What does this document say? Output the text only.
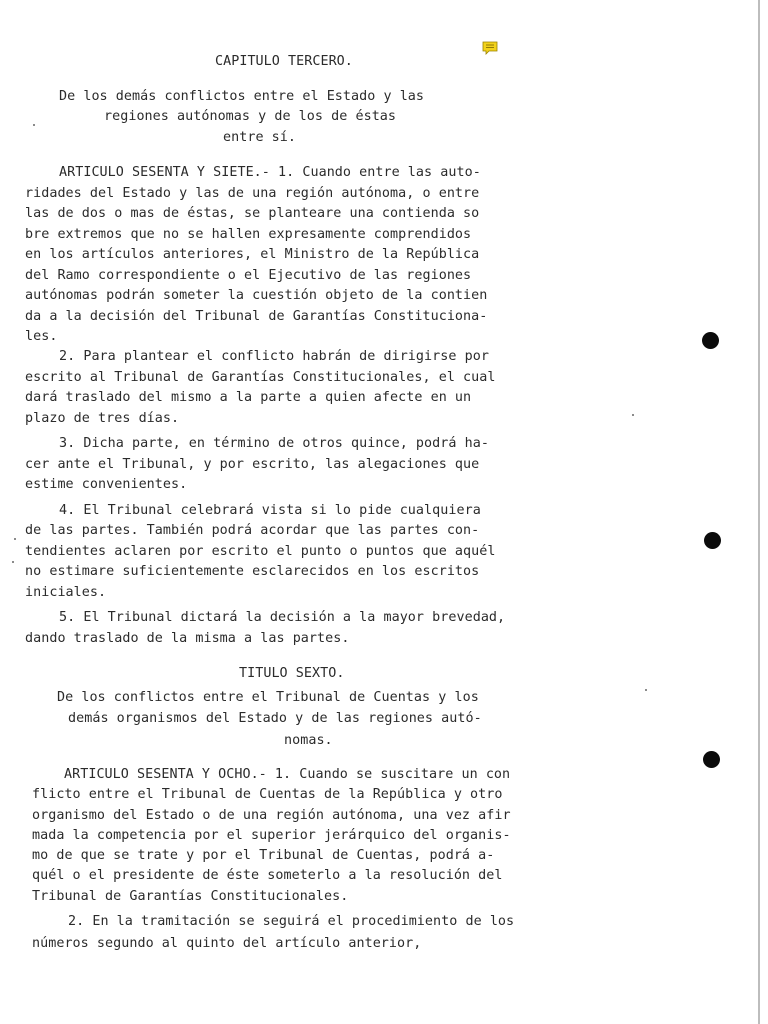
CAPITULO TERCERO.
De los demás conflictos entre el Estado y las
regiones autónomas y de los de éstas
entre sí.
ARTICULO SESENTA Y SIETE.- 1. Cuando entre las auto-
ridades del Estado y las de una región autónoma, o entre
las de dos o mas de éstas, se planteare una contienda so
bre extremos que no se hallen expresamente comprendidos
en los artículos anteriores, el Ministro de la República
del Ramo correspondiente o el Ejecutivo de las regiones
autónomas podrán someter la cuestión objeto de la contien
da a la decisión del Tribunal de Garantías Constituciona-
les.
2. Para plantear el conflicto habrán de dirigirse por
escrito al Tribunal de Garantías Constitucionales, el cual
dará traslado del mismo a la parte a quien afecte en un
plazo de tres días.
3. Dicha parte, en término de otros quince, podrá ha-
cer ante el Tribunal, y por escrito, las alegaciones que
estime convenientes.
4. El Tribunal celebrará vista si lo pide cualquiera
de las partes. También podrá acordar que las partes con-
tendientes aclaren por escrito el punto o puntos que aquél
no estimare suficientemente esclarecidos en los escritos
iniciales.
5. El Tribunal dictará la decisión a la mayor brevedad,
dando traslado de la misma a las partes.
TITULO SEXTO.
De los conflictos entre el Tribunal de Cuentas y los
demás organismos del Estado y de las regiones autó-
nomas.
ARTICULO SESENTA Y OCHO.- 1. Cuando se suscitare un con
flicto entre el Tribunal de Cuentas de la República y otro
organismo del Estado o de una región autónoma, una vez afir
mada la competencia por el superior jerárquico del organis-
mo de que se trate y por el Tribunal de Cuentas, podrá a-
quél o el presidente de éste someterlo a la resolución del
Tribunal de Garantías Constitucionales.
2. En la tramitación se seguirá el procedimiento de los
números segundo al quinto del artículo anterior,
